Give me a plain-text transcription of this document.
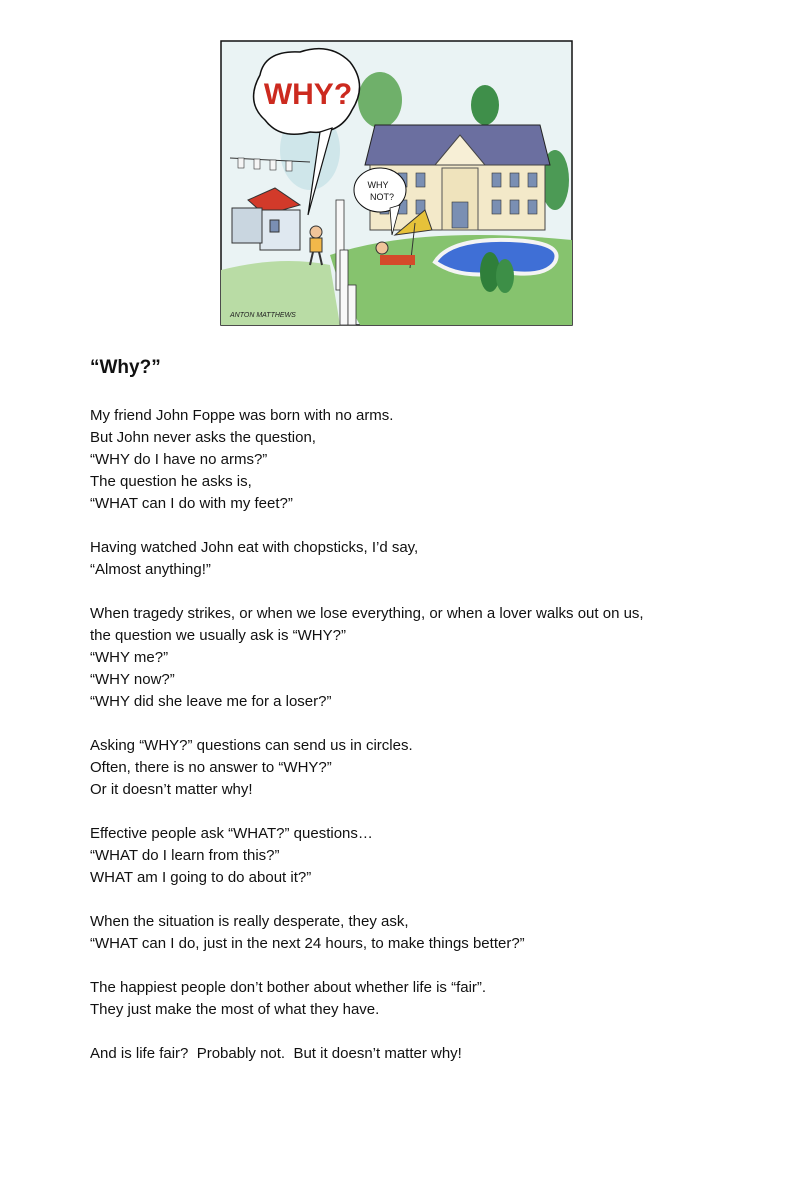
WHY?
WHY
NOT?
ANTON MATTHEWS
“Why?”

My friend John Foppe was born with no arms.
But John never asks the question,
“WHY do I have no arms?”
The question he asks is,
“WHAT can I do with my feet?”

Having watched John eat with chopsticks, I’d say,
“Almost anything!”

When tragedy strikes, or when we lose everything, or when a lover walks out on us,
the question we usually ask is “WHY?”
“WHY me?”
“WHY now?”
“WHY did she leave me for a loser?”

Asking “WHY?” questions can send us in circles.
Often, there is no answer to “WHY?”
Or it doesn’t matter why!

Effective people ask “WHAT?” questions…
“WHAT do I learn from this?”
WHAT am I going to do about it?”

When the situation is really desperate, they ask,
“WHAT can I do, just in the next 24 hours, to make things better?”

The happiest people don’t bother about whether life is “fair”.
They just make the most of what they have.

And is life fair?  Probably not.  But it doesn’t matter why!
